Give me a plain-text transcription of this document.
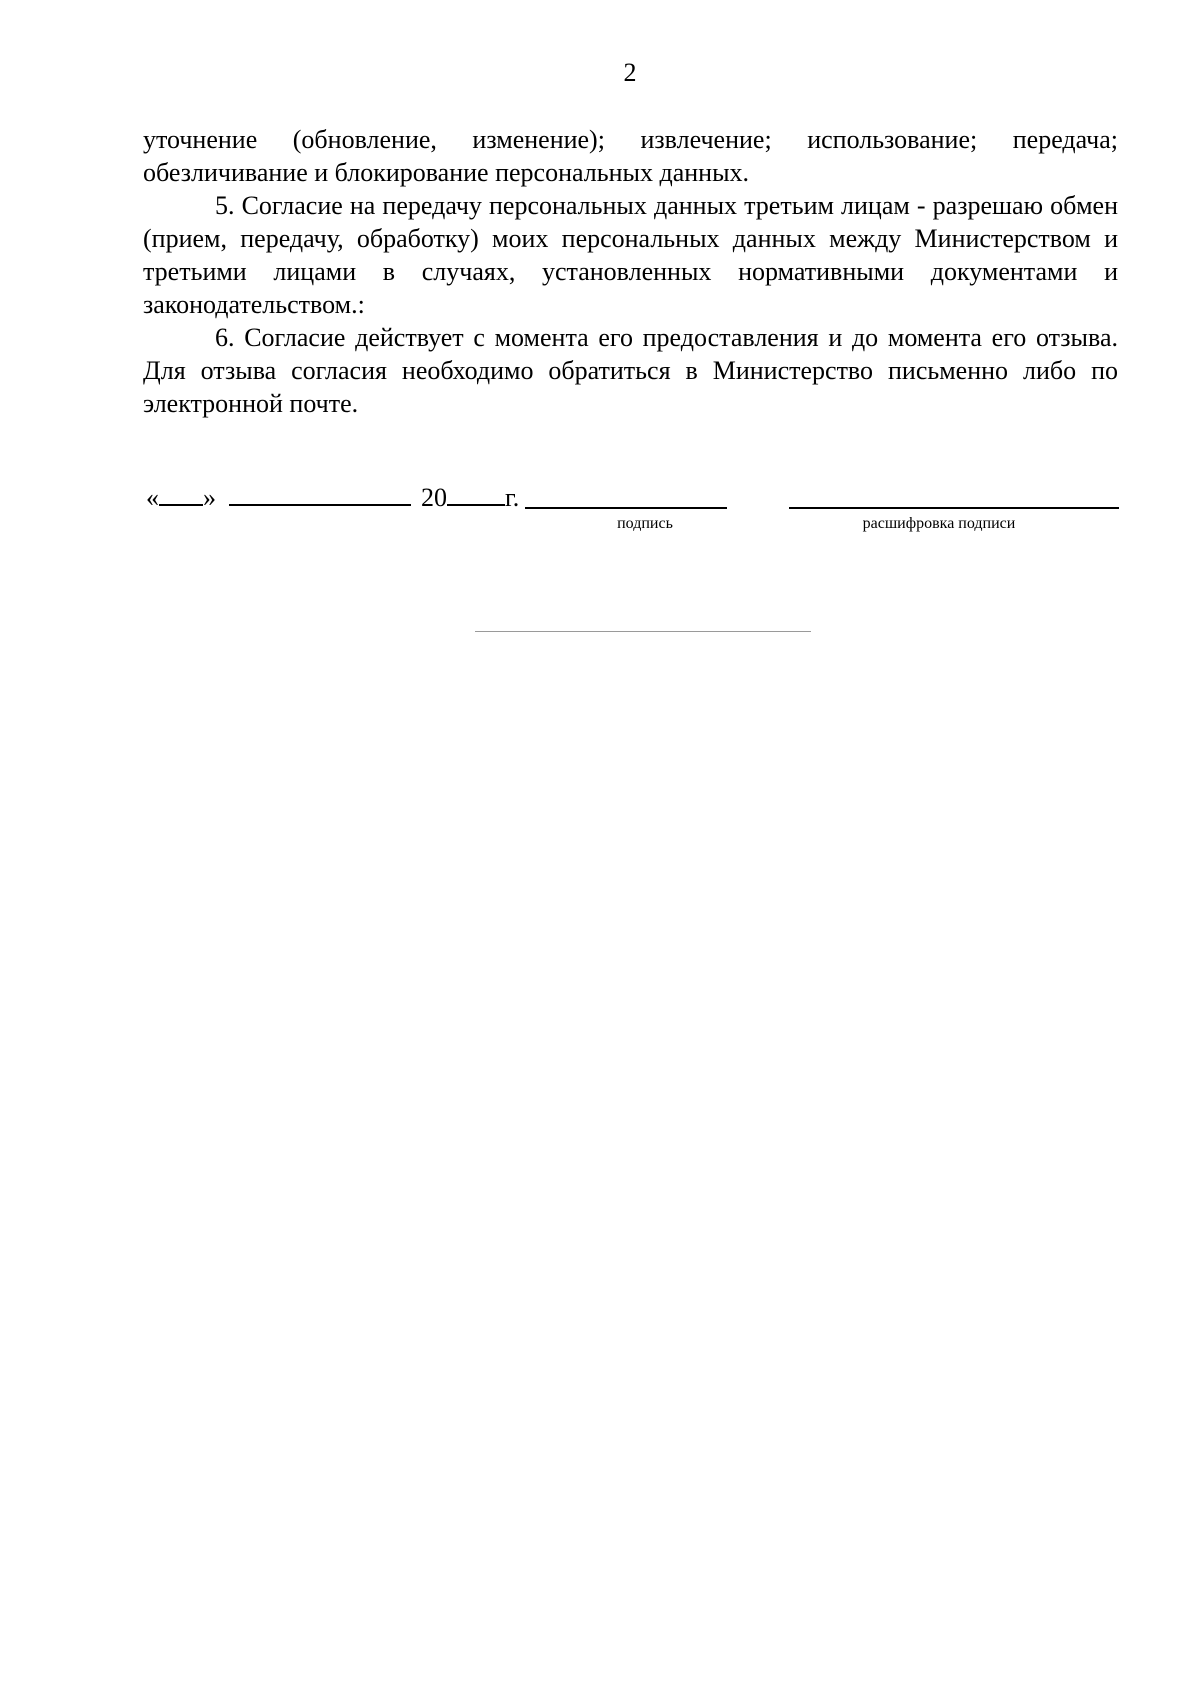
2

уточнение (обновление, изменение); извлечение; использование; передача; обезличивание и блокирование персональных данных.

5. Согласие на передачу персональных данных третьим лицам - разрешаю обмен (прием, передачу, обработку) моих персональных данных между Министерством и третьими лицами в случаях, установленных нормативными документами и законодательством.:

6. Согласие действует с момента его предоставления и до момента его отзыва. Для отзыва согласия необходимо обратиться в Министерство письменно либо по электронной почте.

« »	20 г.
подпись	расшифровка подписи
